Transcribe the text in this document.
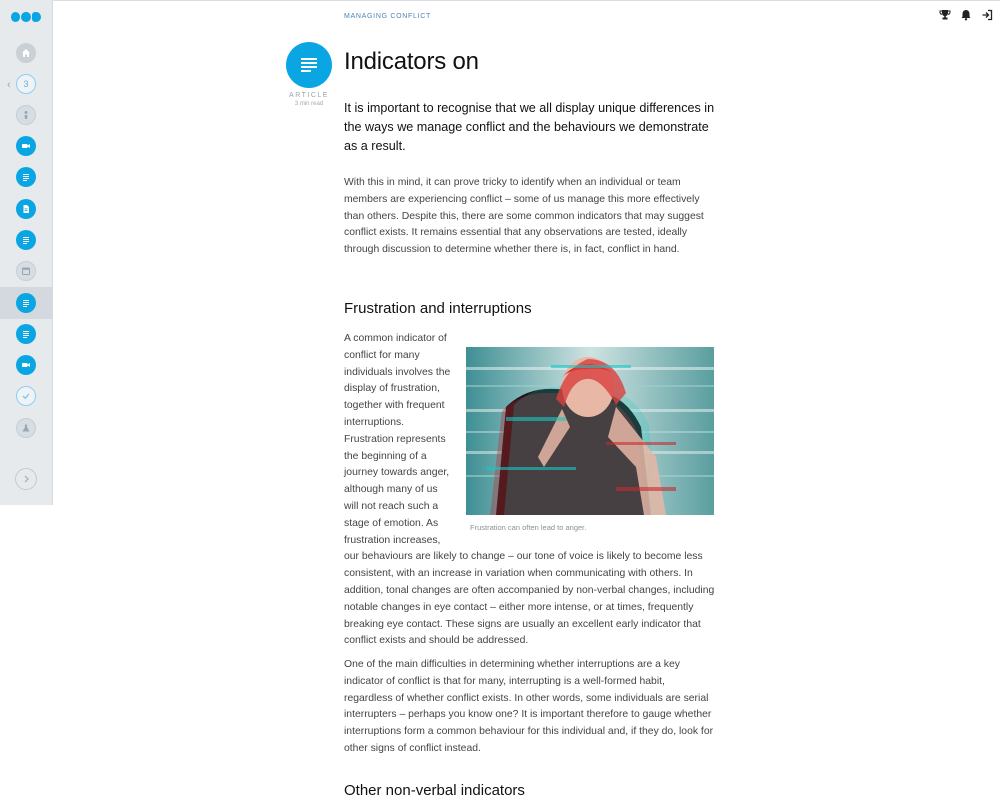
‹ 3
MANAGING CONFLICT
ARTICLE
3 min read
Indicators on

It is important to recognise that we all display unique differences in the ways we manage conflict and the behaviours we demonstrate as a result.

With this in mind, it can prove tricky to identify when an individual or team members are experiencing conflict – some of us manage this more effectively than others. Despite this, there are some common indicators that may suggest conflict exists. It remains essential that any observations are tested, ideally through discussion to determine whether there is, in fact, conflict in hand.

Frustration and interruptions
Frustration can often lead to anger.

A common indicator of conflict for many individuals involves the display of frustration, together with frequent interruptions. Frustration represents the beginning of a journey towards anger, although many of us will not reach such a stage of emotion. As frustration increases, our behaviours are likely to change – our tone of voice is likely to become less consistent, with an increase in variation when communicating with others. In addition, tonal changes are often accompanied by non-verbal changes, including notable changes in eye contact – either more intense, or at times, frequently breaking eye contact. These signs are usually an excellent early indicator that conflict exists and should be addressed.

One of the main difficulties in determining whether interruptions are a key indicator of conflict is that for many, interrupting is a well-formed habit, regardless of whether conflict exists. In other words, some individuals are serial interrupters – perhaps you know one? It is important therefore to gauge whether interruptions form a common behaviour for this individual and, if they do, look for other signs of conflict instead.

Other non-verbal indicators
